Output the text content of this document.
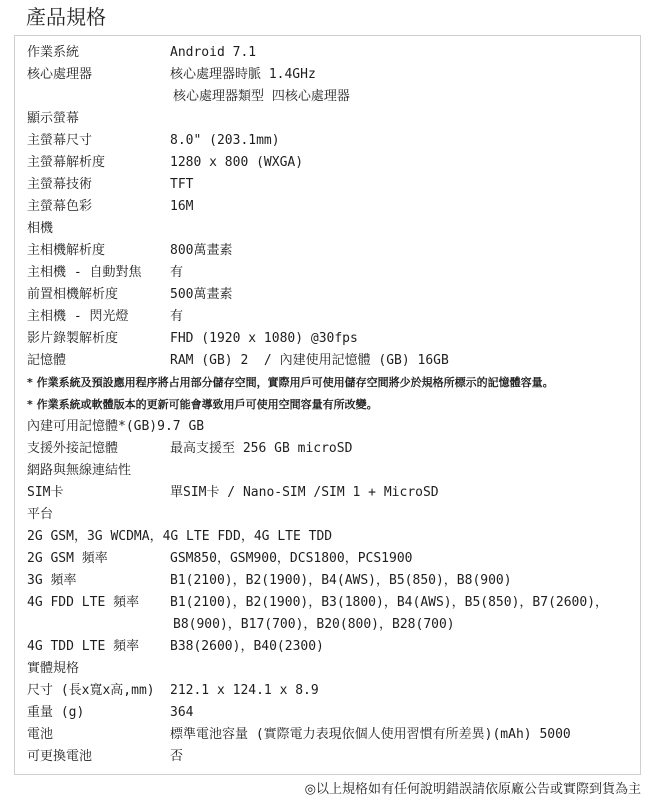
產品規格
作業系統	Android 7.1
核心處理器	核心處理器時脈 1.4GHz
核心處理器類型 四核心處理器
顯示螢幕
主螢幕尺寸	8.0" (203.1mm)
主螢幕解析度	1280 x 800 (WXGA)
主螢幕技術	TFT
主螢幕色彩	16M
相機
主相機解析度	800萬畫素
主相機 - 自動對焦	有
前置相機解析度	500萬畫素
主相機 - 閃光燈	有
影片錄製解析度	FHD (1920 x 1080) @30fps
記憶體	RAM (GB) 2  / 內建使用記憶體 (GB) 16GB
* 作業系統及預設應用程序將占用部分儲存空間，實際用戶可使用儲存空間將少於規格所標示的記憶體容量。
* 作業系統或軟體版本的更新可能會導致用戶可使用空間容量有所改變。
內建可用記憶體*(GB)9.7 GB
支援外接記憶體	最高支援至 256 GB microSD
網路與無線連結性
SIM卡	單SIM卡 / Nano-SIM /SIM 1 + MicroSD
平台
2G GSM，3G WCDMA，4G LTE FDD，4G LTE TDD
2G GSM 頻率	GSM850，GSM900，DCS1800，PCS1900
3G 頻率	B1(2100)，B2(1900)，B4(AWS)，B5(850)，B8(900)
4G FDD LTE 頻率	B1(2100)，B2(1900)，B3(1800)，B4(AWS)，B5(850)，B7(2600)，
B8(900)，B17(700)，B20(800)，B28(700)
4G TDD LTE 頻率	B38(2600)，B40(2300)
實體規格
尺寸 (長x寬x高,mm)	212.1 x 124.1 x 8.9
重量 (g)	364
電池	標準電池容量 (實際電力表現依個人使用習慣有所差異)(mAh) 5000
可更換電池	否
◎以上規格如有任何說明錯誤請依原廠公告或實際到貨為主
